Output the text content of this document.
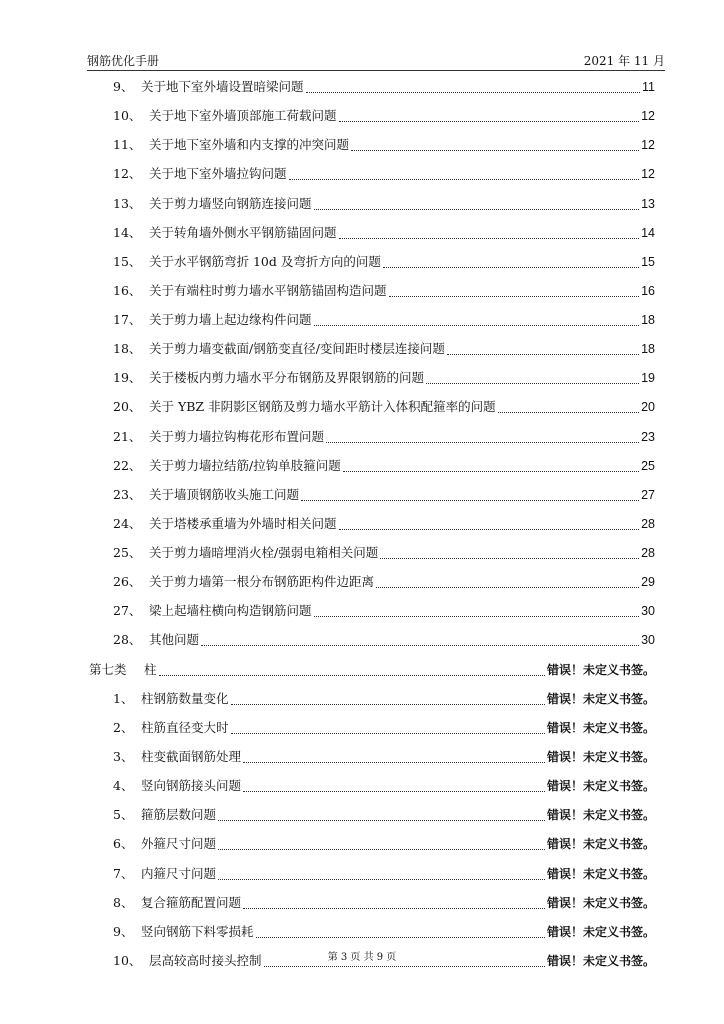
钢筋优化手册	2021 年 11 月
9、 关于地下室外墙设置暗梁问题	11
10、 关于地下室外墙顶部施工荷载问题	12
11、 关于地下室外墙和内支撑的冲突问题	12
12、 关于地下室外墙拉钩问题	12
13、 关于剪力墙竖向钢筋连接问题	13
14、 关于转角墙外侧水平钢筋锚固问题	14
15、 关于水平钢筋弯折 10d 及弯折方向的问题	15
16、 关于有端柱时剪力墙水平钢筋锚固构造问题	16
17、 关于剪力墙上起边缘构件问题	18
18、 关于剪力墙变截面/钢筋变直径/变间距时楼层连接问题	18
19、 关于楼板内剪力墙水平分布钢筋及界限钢筋的问题	19
20、 关于 YBZ 非阴影区钢筋及剪力墙水平筋计入体积配箍率的问题	20
21、 关于剪力墙拉钩梅花形布置问题	23
22、 关于剪力墙拉结筋/拉钩单肢箍问题	25
23、 关于墙顶钢筋收头施工问题	27
24、 关于塔楼承重墙为外墙时相关问题	28
25、 关于剪力墙暗埋消火栓/强弱电箱相关问题	28
26、 关于剪力墙第一根分布钢筋距构件边距离	29
27、 梁上起墙柱横向构造钢筋问题	30
28、 其他问题	30
第七类	柱	错误！未定义书签。
1、 柱钢筋数量变化	错误！未定义书签。
2、 柱筋直径变大时	错误！未定义书签。
3、 柱变截面钢筋处理	错误！未定义书签。
4、 竖向钢筋接头问题	错误！未定义书签。
5、 箍筋层数问题	错误！未定义书签。
6、 外箍尺寸问题	错误！未定义书签。
7、 内箍尺寸问题	错误！未定义书签。
8、 复合箍筋配置问题	错误！未定义书签。
9、 竖向钢筋下料零损耗	错误！未定义书签。
10、 层高较高时接头控制	错误！未定义书签。
第 3 页 共 9 页
